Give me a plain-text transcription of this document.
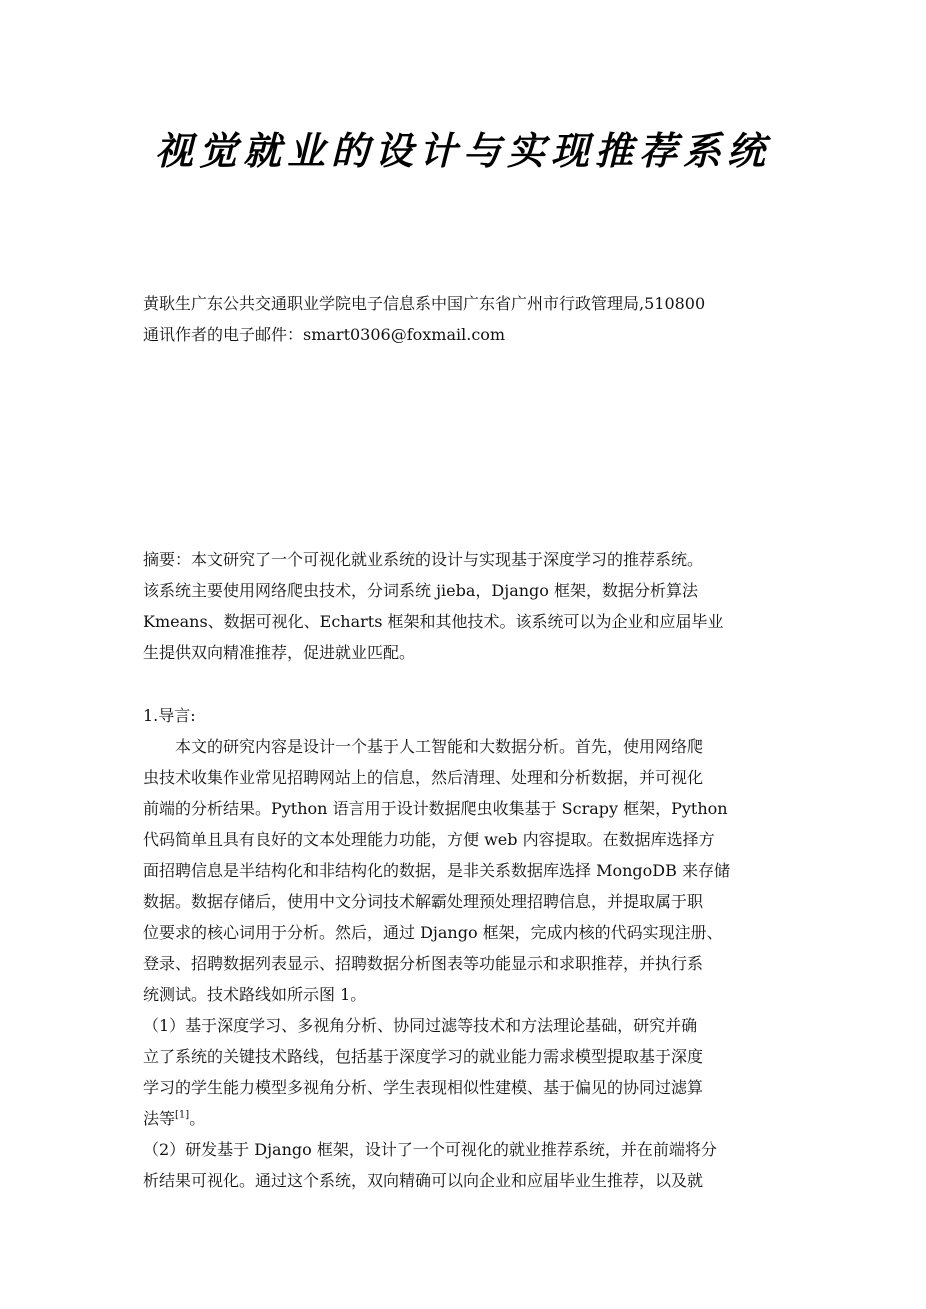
视觉就业的设计与实现推荐系统
黄耿生广东公共交通职业学院电子信息系中国广东省广州市行政管理局,510800
通讯作者的电子邮件：smart0306@foxmail.com
摘要：本文研究了一个可视化就业系统的设计与实现基于深度学习的推荐系统。
该系统主要使用网络爬虫技术，分词系统 jieba，Django 框架，数据分析算法
Kmeans、数据可视化、Echarts 框架和其他技术。该系统可以为企业和应届毕业
生提供双向精准推荐，促进就业匹配。
1.导言:
本文的研究内容是设计一个基于人工智能和大数据分析。首先，使用网络爬
虫技术收集作业常见招聘网站上的信息，然后清理、处理和分析数据，并可视化
前端的分析结果。Python 语言用于设计数据爬虫收集基于 Scrapy 框架，Python
代码简单且具有良好的文本处理能力功能，方便 web 内容提取。在数据库选择方
面招聘信息是半结构化和非结构化的数据，是非关系数据库选择 MongoDB 来存储
数据。数据存储后，使用中文分词技术解霸处理预处理招聘信息，并提取属于职
位要求的核心词用于分析。然后，通过 Django 框架，完成内核的代码实现注册、
登录、招聘数据列表显示、招聘数据分析图表等功能显示和求职推荐，并执行系
统测试。技术路线如所示图 1。
（1）基于深度学习、多视角分析、协同过滤等技术和方法理论基础，研究并确
立了系统的关键技术路线，包括基于深度学习的就业能力需求模型提取基于深度
学习的学生能力模型多视角分析、学生表现相似性建模、基于偏见的协同过滤算
法等[1]。
（2）研发基于 Django 框架，设计了一个可视化的就业推荐系统，并在前端将分
析结果可视化。通过这个系统，双向精确可以向企业和应届毕业生推荐，以及就
